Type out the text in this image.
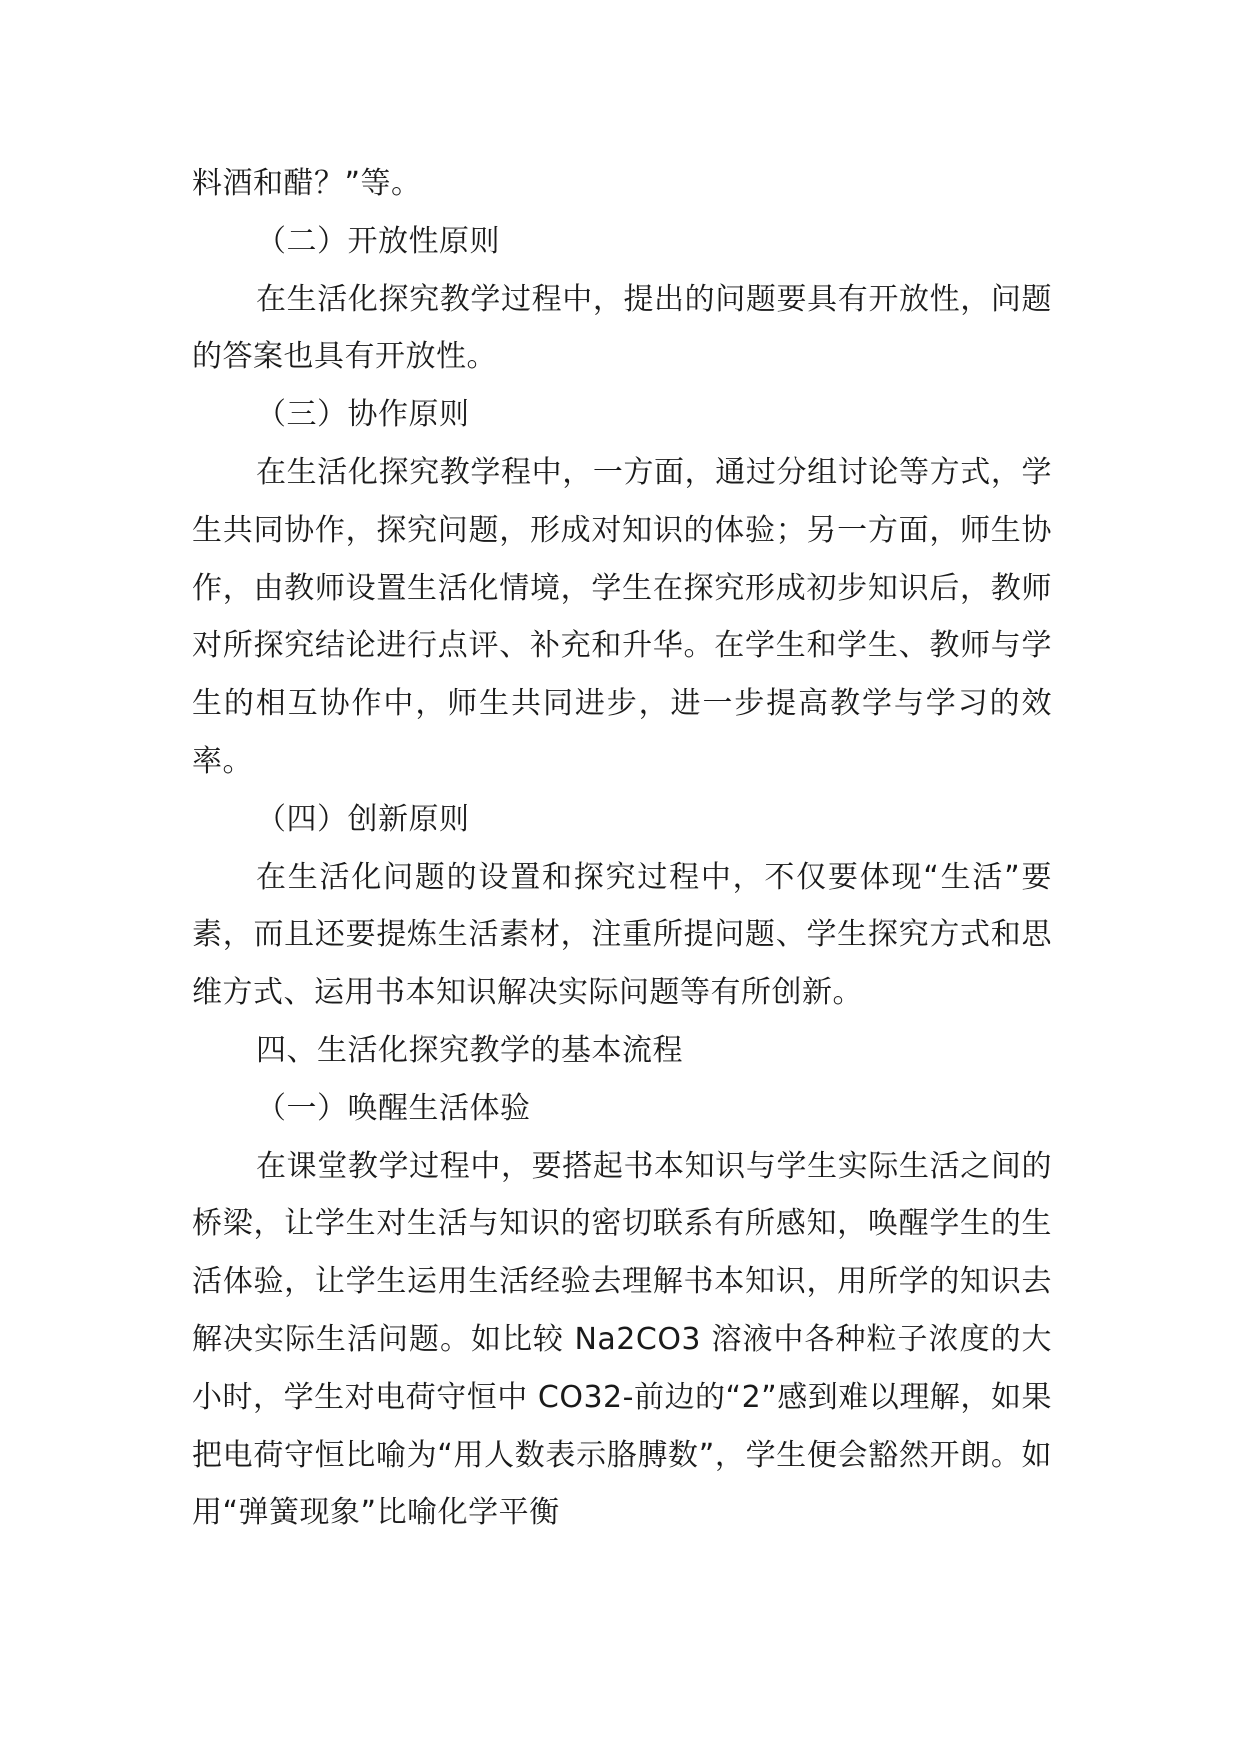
料酒和醋？”等。

（二）开放性原则

在生活化探究教学过程中，提出的问题要具有开放性，问题的答案也具有开放性。

（三）协作原则

在生活化探究教学程中，一方面，通过分组讨论等方式，学生共同协作，探究问题，形成对知识的体验；另一方面，师生协作，由教师设置生活化情境，学生在探究形成初步知识后，教师对所探究结论进行点评、补充和升华。在学生和学生、教师与学生的相互协作中，师生共同进步，进一步提高教学与学习的效率。

（四）创新原则

在生活化问题的设置和探究过程中，不仅要体现“生活”要素，而且还要提炼生活素材，注重所提问题、学生探究方式和思维方式、运用书本知识解决实际问题等有所创新。

四、生活化探究教学的基本流程

（一）唤醒生活体验

在课堂教学过程中，要搭起书本知识与学生实际生活之间的桥梁，让学生对生活与知识的密切联系有所感知，唤醒学生的生活体验，让学生运用生活经验去理解书本知识，用所学的知识去解决实际生活问题。如比较 Na2CO3 溶液中各种粒子浓度的大小时，学生对电荷守恒中 CO32-前边的“2”感到难以理解，如果把电荷守恒比喻为“用人数表示胳膊数”，学生便会豁然开朗。如用“弹簧现象”比喻化学平衡
